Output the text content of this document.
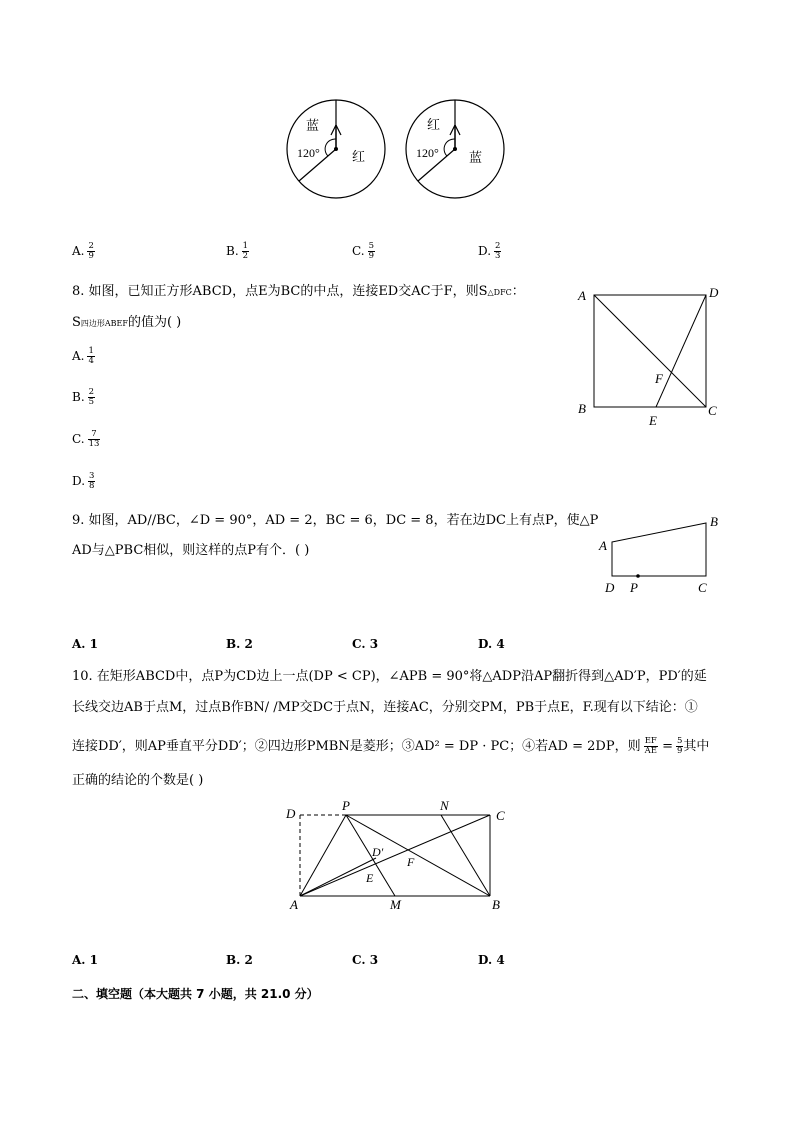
蓝
红
120°
红
蓝
120°
A. $\frac{2}{9}$	B. $\frac{1}{2}$	C. $\frac{5}{9}$	D. $\frac{2}{3}$
8. 如图，已知正方形ABCD，点E为BC的中点，连接ED交AC于F，则S△DFC：
S四边形ABEF的值为( )
A. $\frac{1}{4}$
B. $\frac{2}{5}$
C. $\frac{7}{13}$
D. $\frac{3}{8}$
A	D
B	C
E
F
9. 如图，AD//BC，∠D = 90°，AD = 2，BC = 6，DC = 8，若在边DC上有点P，使△P
AD与△PBC相似，则这样的点P有个．( )	A
B
C
D P
A. 1	B. 2	C. 3	D. 4
10. 在矩形ABCD中，点P为CD边上一点(DP < CP)，∠APB = 90°将△ADP沿AP翻折得到△AD′P，PD′的延
长线交边AB于点M，过点B作BN/ /MP交DC于点N，连接AC，分别交PM，PB于点E，F.现有以下结论：①
连接DD′，则AP垂直平分DD′；②四边形PMBN是菱形；③AD² = DP · PC；④若AD = 2DP，则 $\frac{EF}{AE} = \frac{5}{9}$ 其中
正确的结论的个数是( )
D
P	N
C
D′
F
E
A	M	B
A. 1	B. 2	C. 3	D. 4
二、填空题（本大题共 7 小题，共 21.0 分）
